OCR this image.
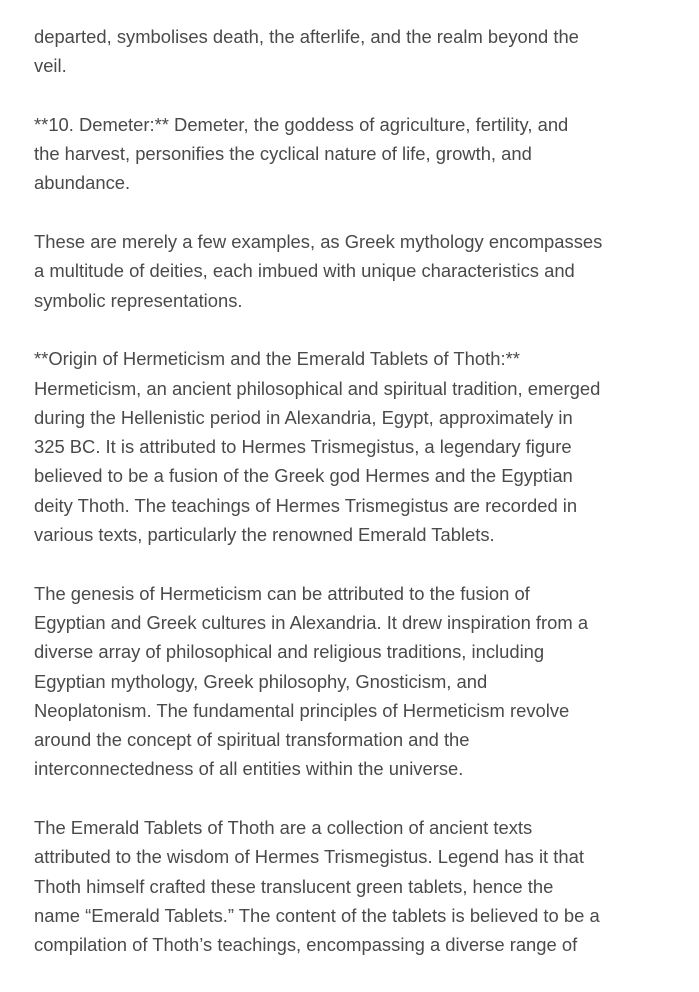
departed, symbolises death, the afterlife, and the realm beyond the
veil.

**10. Demeter:** Demeter, the goddess of agriculture, fertility, and
the harvest, personifies the cyclical nature of life, growth, and
abundance.

These are merely a few examples, as Greek mythology encompasses
a multitude of deities, each imbued with unique characteristics and
symbolic representations.

**Origin of Hermeticism and the Emerald Tablets of Thoth:**
Hermeticism, an ancient philosophical and spiritual tradition, emerged
during the Hellenistic period in Alexandria, Egypt, approximately in
325 BC. It is attributed to Hermes Trismegistus, a legendary figure
believed to be a fusion of the Greek god Hermes and the Egyptian
deity Thoth. The teachings of Hermes Trismegistus are recorded in
various texts, particularly the renowned Emerald Tablets.

The genesis of Hermeticism can be attributed to the fusion of
Egyptian and Greek cultures in Alexandria. It drew inspiration from a
diverse array of philosophical and religious traditions, including
Egyptian mythology, Greek philosophy, Gnosticism, and
Neoplatonism. The fundamental principles of Hermeticism revolve
around the concept of spiritual transformation and the
interconnectedness of all entities within the universe.

The Emerald Tablets of Thoth are a collection of ancient texts
attributed to the wisdom of Hermes Trismegistus. Legend has it that
Thoth himself crafted these translucent green tablets, hence the
name “Emerald Tablets.” The content of the tablets is believed to be a
compilation of Thoth’s teachings, encompassing a diverse range of
